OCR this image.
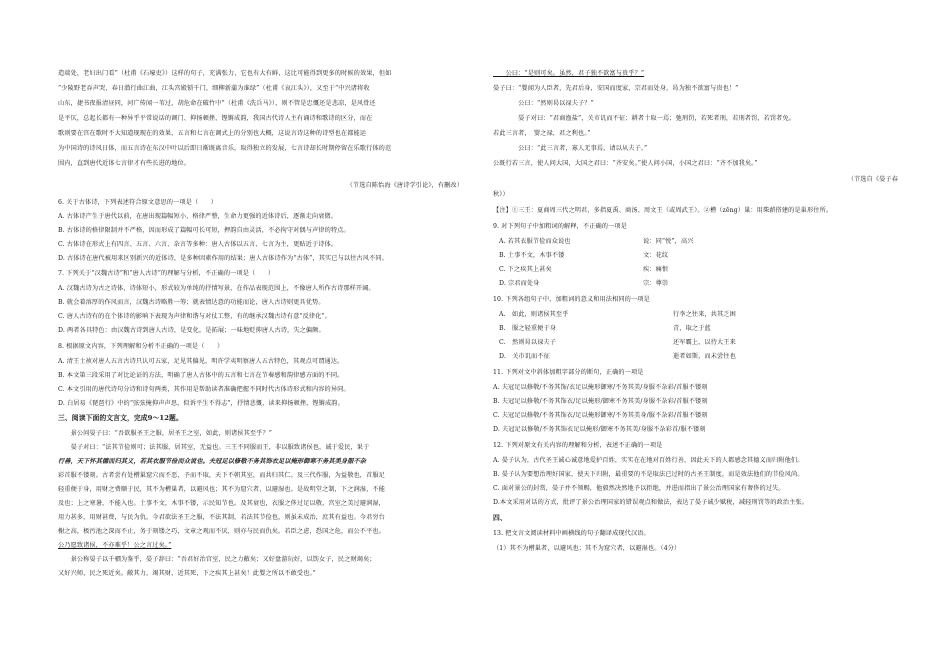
造端处，老妇出门看”（杜甫《石壕吏》）这样的句子，充满张力，它也有大有鲜，这比可能得到更多的时候的效果，但如
“少陵野老吞声哭，春日潜行曲江曲，江头宫殿锁千门，细柳新蒲为谁绿”（杜甫《哀江头》），又至于“中兴诸将收
山东，捷书夜报清昼同，河广传闻一苇过，胡危命在破竹中”（杜甫《洗兵马》），则不管是忠慨还是悲凉，是风骨还
是平仄，总起长都有一种异乎平常说话的调门、抑扬顿挫、铿锵成韵，我国古代诗人主有诵诗和歌诗的区分，而在
歌则要在宫在歌时不大知道现现在的效果，五言和七言在调式上的分别也大概，这说言诗这种的诗型也在都能运
为中国诗的诗风日体，而五言诗在东汉中叶以后即日渐既离音乐，取得独立的发展，七言诗却长时期停留在乐歌行体的范
围内，直到唐代近体七言律才有些长进的地位。
（节选自陈怡海《唐诗学引论》，有删改）
6. 关于古体诗，下列表述符合原文意思的一项是（　　）
A. 古体诗产生于唐代以前，在唐出现篇幅短小，格律严整，生命力更强的近体诗后，逐渐走向衰微。
B. 古体诗的格律限制并不严格，因而形成了篇幅可长可短，押韵自由灵活，不必拘守对偶与声律的特点。
C. 古体诗在形式上有四言、五言、六言、杂言等多种：唐人古体以五言、七言为主，更贴近于诗体。
D. 古体诗在唐代被用来区别新兴的近体诗，是多种因素作用的结果；唐人古体诗作为“古体”，其实已与以往古风不同。
7. 下列关于“汉魏古诗”和“唐人古诗”的理解与分析，不正确的一项是（　　）
A. 汉魏古诗为古之诗体，诗体短小，形式较为单纯的抒情写景，在作品表现范围上，不像唐人所作古诗那样开阔。
B. 就会着溶厚的作风而言，汉魏古诗略胜一筹；就表情达意的功能而论，唐人古诗则更具优势。
C. 唐人古诗有的在个体诗的影响下表现为声律和谐与对仗工整，有的继承汉魏古诗有意“反律化”。
D. 两者各具特色：由汉魏古诗到唐人古诗，是变化，是拓展；一味地贬抑唐人古诗，失之偏颇。
8. 根据原文内容，下列理解和分析不正确的一项是（　　）
A. 清王士祯对唐人五言古诗只认可五家，足见其偏见，明许学夷明察唐人五古特色，其观点可谓通达。
B. 本文第三段采用了对比论证的方法，明确了唐人古体中的五言和七言在节奏感和韵律感方面的不同。
C. 本文引用的唐代诗句分诗和诗句两类，其作用是帮助读者准确把握不同时代古体诗形式和内容的异同。
D. 白居易《琵琶行》中的“弦弦掩抑声声思，似诉平生不得志”，抒情悲慨，读来抑扬顿挫，铿锵成韵。
三、阅读下面的文言文，完成9～12题。
　　景公问晏子曰：“吾欲服圣王之服，居圣王之室，如此，则诸侯其至乎？”
　　晏子对曰：“法其节俭则可；法其服，居其室，无益也。三王不同服而王，非以服致诸侯也，诚于爱民，果于
行善，天下怀其德而归其义，若其衣服节俭而众说也。夫冠足以修敬不务其饰衣足以掩形御寒不务其美身服不杂
彩首服不镂刻。古者尝有处橧巢窟穴而不恶，予而不取，天下不朝其室，而共归其仁。及三代作服，为益敬也，首服足
轻重便于身，用财之费顺于民，其不为橧巢者，以避风也；其不为窟穴者，以避湿也。是故明堂之制，下之润湿，不能
及也；上之寒暑，不能入也。土事不文，木事不镂，示民知节也。及其衰也，衣服之侈过足以敬，宫室之美过避润湿，
用力甚多，用财甚费，与民为仇。今君欲法圣王之服，不法其制，若法其节俭也，则虽未成治，庶其有益也。今君穷台
榭之高，极污池之深而不止，务于刻镂之巧，文章之观而不厌，则亦与民而仇矣。若臣之虑，恐国之危，而公不平也。
公乃愿致诸侯，不亦难乎！公之言过矣。”
　　景公称晏子以千驷为鉴乎，晏子辞曰：“吾君好治宫室，民之力敝矣；又好盘游玩好，以饬女子，民之财竭矣；
又好兴师，民之死近矣。敝其力，竭其财，近其死，下之疾其上甚矣！此婴之所以不敢受也。”
　　公曰：“是则可矣。虽然，君子独不欲富与贵乎？”
晏子曰：“婴闻为人臣者，先君后身，安国而度家，宗君而处身，曷为独不欲富与贵也！”
　　　　公曰：“然则曷以禄夫子？”
　　　　晏子对曰：“君商渔盐”，关市讥而不征；耕者十取一焉；弛刑罚，若死者刑，若刑者罚，若罚者免。
若此三言者，　婴之禄，君之利也。”
　　　　公曰：“此三言者，寡人无事焉，请以从夫子。”
公既行若三言，使人问大国，大国之君曰：“齐安矣。”使人问小国，小国之君曰：“齐不加我矣。”
（节选自《晏子春
秋》）
【注】①三王：夏商周三代之明君，多指夏禹、商汤、周文王（或周武王）。②橧（zēng）巢：用柴薪搭建的是巢形住所。
9. 对下列句子中加粗词的解释，不正确的一项是
A. 若其衣服节俭而众说也	说：同“悦”，高兴
B. 土事不文，木事不镂	文：花纹
C. 下之疾其上甚矣	疾：痛恨
D. 宗君而处身	宗：尊崇
10. 下列各组句子中，加粗词的意义和用法相同的一项是
A.　如此，则诸侯其至乎	行李之往来，共其乏困
B.　服之轻重便于身	青，取之于蓝
C.　然则曷以禄夫子	还军霸上，以待大王来
D.　关市讥而不征	逝者如斯，而未尝往也
11. 下列对文中斜体加粗字部分的断句，正确的一项是
A. 夫冠足以修敬/不务其饰/衣足以掩形御寒/不务其美/身服不杂彩/首服不镂刻
B. 夫冠足以修敬/不务其饰衣/足以掩形/御寒不务其美/身服不杂彩/首服不镂刻
C. 夫冠足以修敬/不务其饰衣/足以掩形御寒/不务其美身/服不杂彩/首服不镂刻
D. 夫冠足以修敬/不务其饰衣足以掩形/御寒不务其美/身服不杂彩首/服不镂刻
12. 下列对原文有关内容的理解和分析，表述不正确的一项是
A. 晏子认为，古代圣王诚心诚意地爱护百姓，实实在在地对百姓行善，因此天下的人都感念其德义而归附他们。
B. 晏子认为要想治理好国家，使天下归附，最重要的不是取法已过时的古圣王制度，而是效法他们的节俭风尚。
C. 面对景公的封赏，晏子并不领赐，他毅然决然地予以拒绝，并进而指出了景公治理国家有奢侈的过失。
D.本文采用对话的方式，批评了景公治理国家的错误观点和做法，表达了晏子诚少赋税，减轻刑罚等的政治主张。
四、
13. 把文言文阅读材料中画横线的句子翻译成现代汉语。
（1）其不为橧巢者，以避风也；其不为窟穴者，以避湿也。（4分）
